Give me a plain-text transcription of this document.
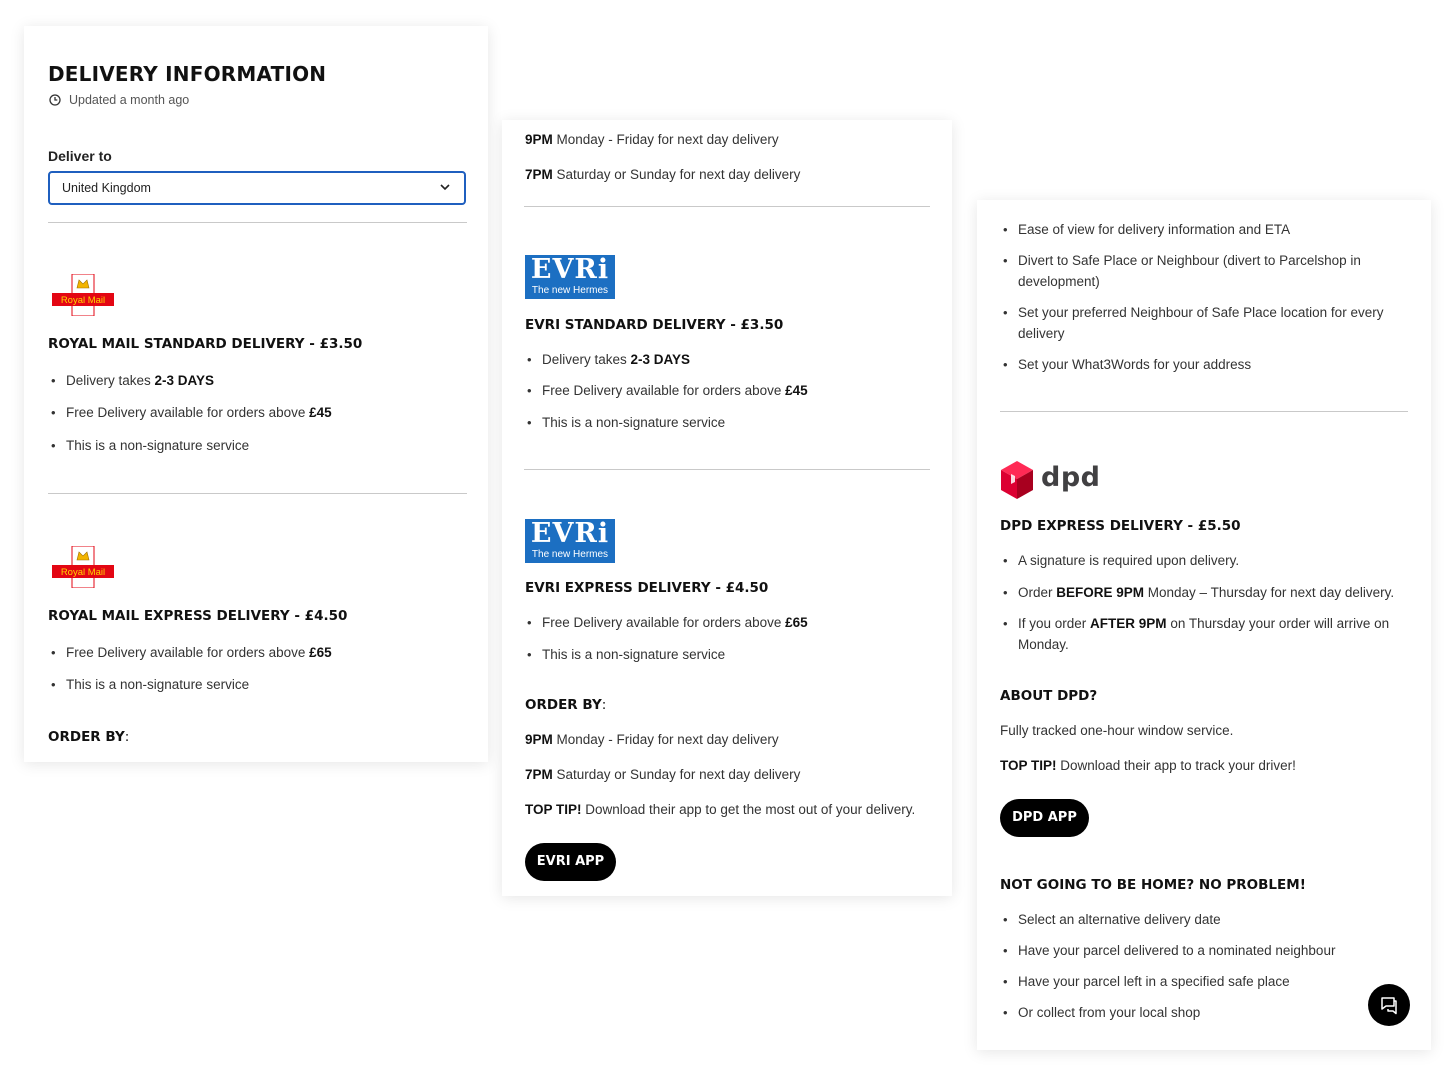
DELIVERY INFORMATION
Updated a month ago
Deliver to
United Kingdom
Royal Mail
ROYAL MAIL STANDARD DELIVERY - £3.50
• Delivery takes 2-3 DAYS
• Free Delivery available for orders above £45
• This is a non-signature service
Royal Mail
ROYAL MAIL EXPRESS DELIVERY - £4.50
• Free Delivery available for orders above £65
• This is a non-signature service
ORDER BY:
9PM Monday - Friday for next day delivery
7PM Saturday or Sunday for next day delivery
EVRi
The new Hermes
EVRI STANDARD DELIVERY - £3.50
• Delivery takes 2-3 DAYS
• Free Delivery available for orders above £45
• This is a non-signature service
EVRi
The new Hermes
EVRI EXPRESS DELIVERY - £4.50
• Free Delivery available for orders above £65
• This is a non-signature service
ORDER BY:
9PM Monday - Friday for next day delivery
7PM Saturday or Sunday for next day delivery
TOP TIP! Download their app to get the most out of your delivery.
EVRI APP
• Ease of view for delivery information and ETA
• Divert to Safe Place or Neighbour (divert to Parcelshop in development)
• Set your preferred Neighbour of Safe Place location for every delivery
• Set your What3Words for your address
dpd
DPD EXPRESS DELIVERY - £5.50
• A signature is required upon delivery.
• Order BEFORE 9PM Monday – Thursday for next day delivery.
• If you order AFTER 9PM on Thursday your order will arrive on Monday.
ABOUT DPD?
Fully tracked one-hour window service.
TOP TIP! Download their app to track your driver!
DPD APP
NOT GOING TO BE HOME? NO PROBLEM!
• Select an alternative delivery date
• Have your parcel delivered to a nominated neighbour
• Have your parcel left in a specified safe place
• Or collect from your local shop
